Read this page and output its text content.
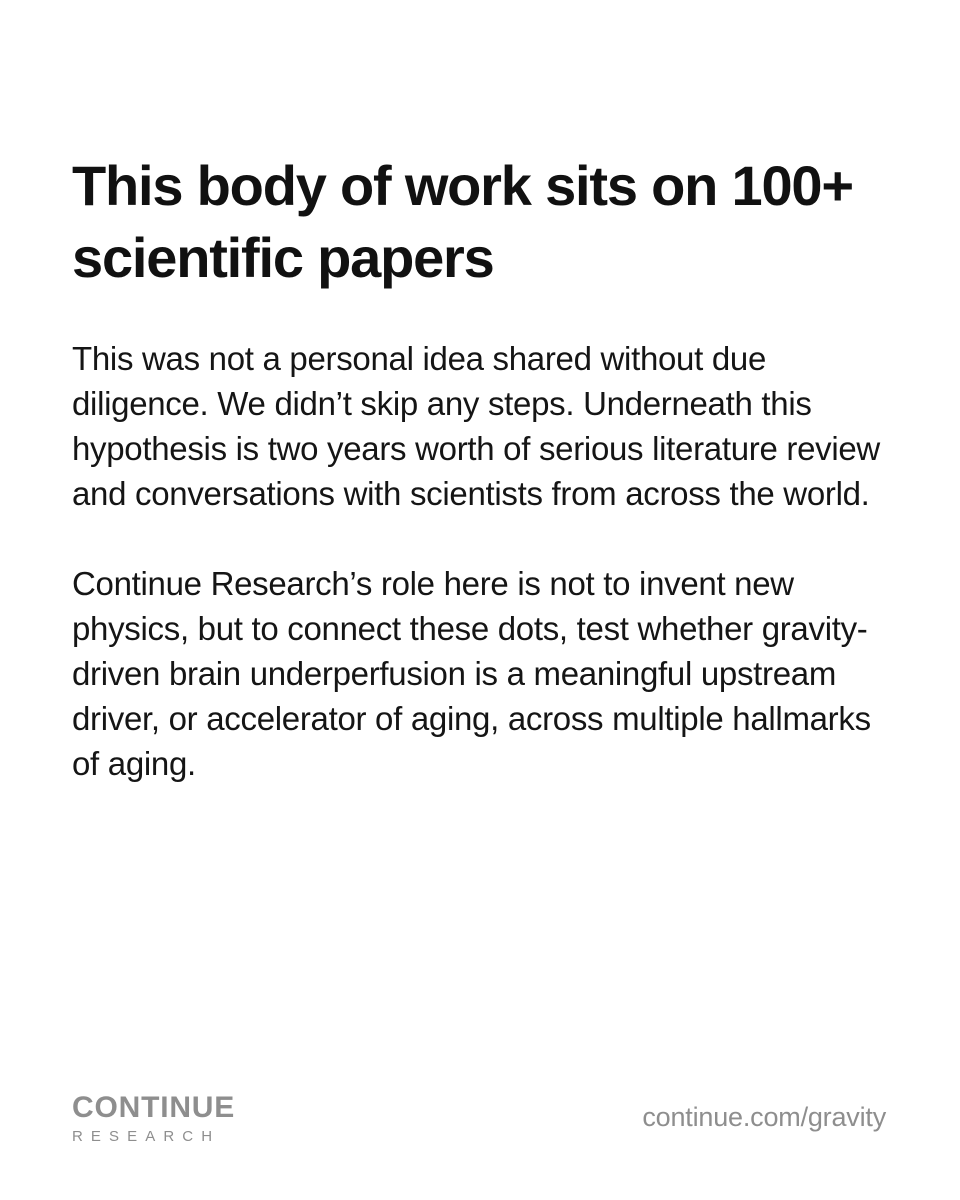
This body of work sits on 100+ scientific papers

This was not a personal idea shared without due diligence. We didn’t skip any steps. Underneath this hypothesis is two years worth of serious literature review and conversations with scientists from across the world.

Continue Research’s role here is not to invent new physics, but to connect these dots, test whether gravity-driven brain underperfusion is a meaningful upstream driver, or accelerator of aging, across multiple hallmarks of aging.

CONTINUE
RESEARCH
continue.com/gravity
